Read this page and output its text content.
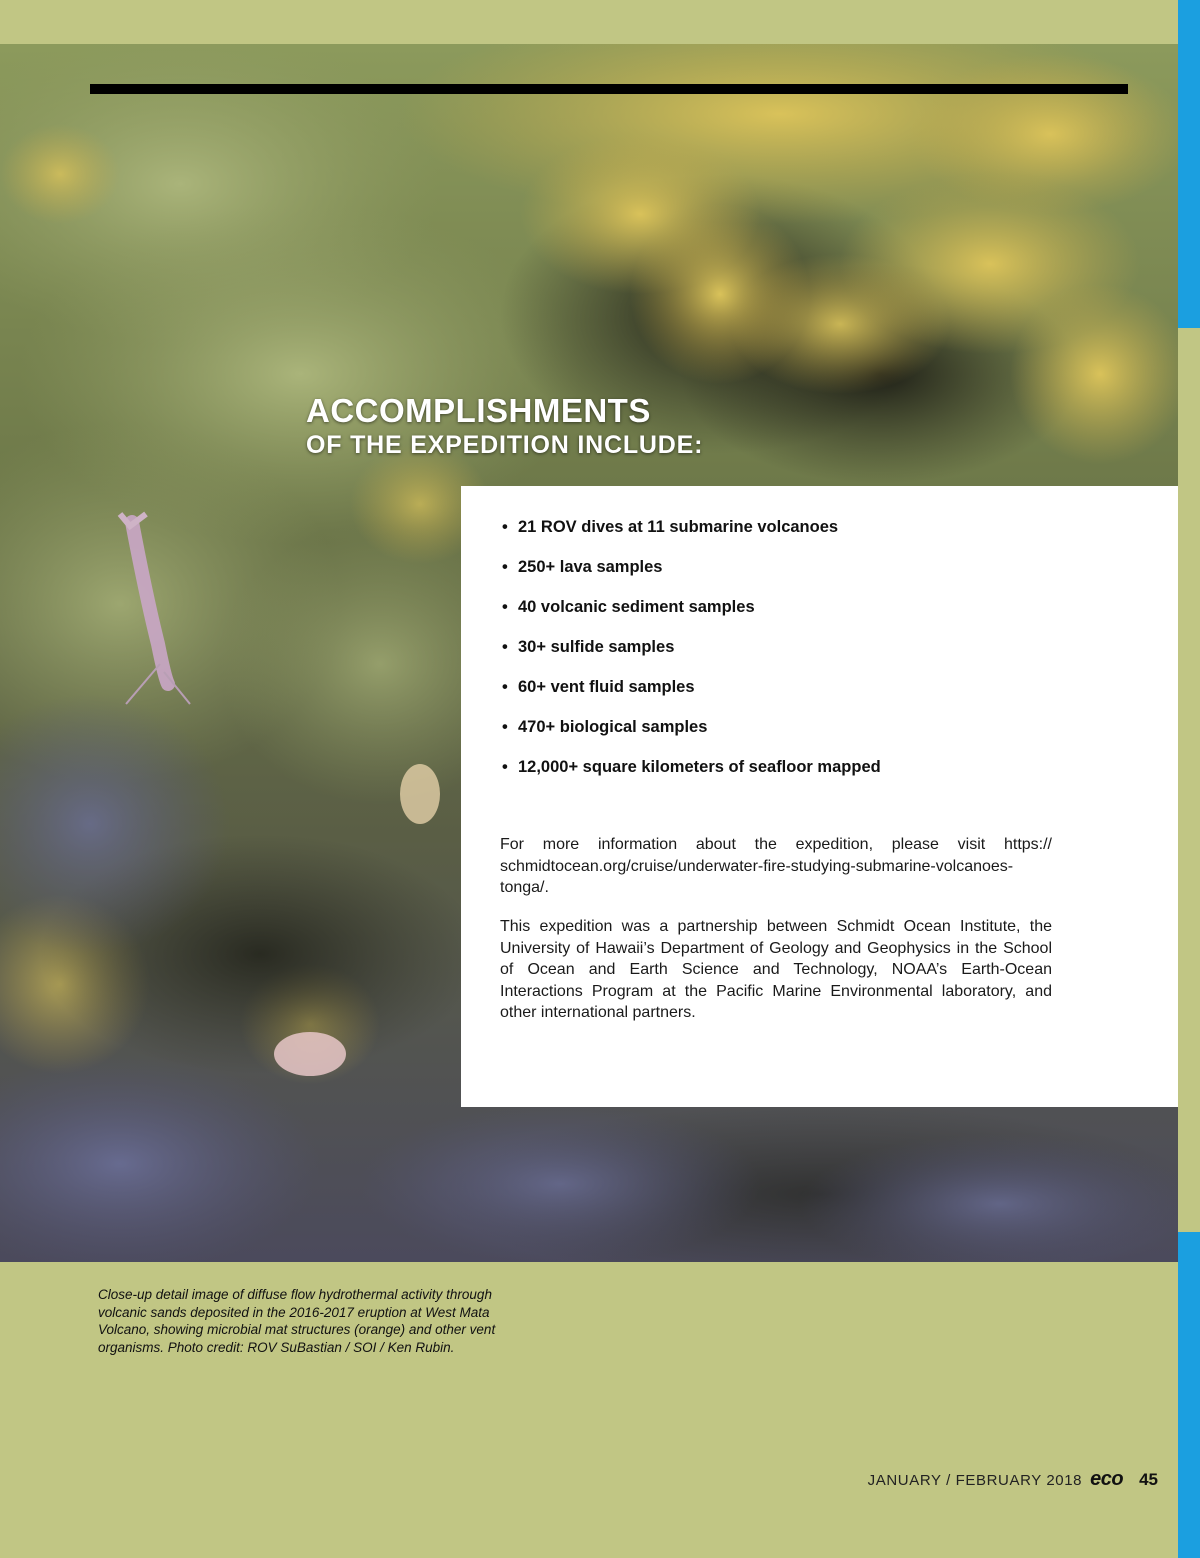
ACCOMPLISHMENTS
OF THE EXPEDITION INCLUDE:
• 21 ROV dives at 11 submarine volcanoes
• 250+ lava samples
• 40 volcanic sediment samples
• 30+ sulfide samples
• 60+ vent fluid samples
• 470+ biological samples
• 12,000+ square kilometers of seafloor mapped

For more information about the expedition, please visit https:// schmidtocean.org/cruise/underwater-fire-studying-submarine-volcanoes-tonga/.

This expedition was a partnership between Schmidt Ocean Institute, the University of Hawaii’s Department of Geology and Geophysics in the School of Ocean and Earth Science and Technology, NOAA’s Earth-Ocean Interactions Program at the Pacific Marine Environmental laboratory, and other international partners.

Close-up detail image of diffuse flow hydrothermal activity through volcanic sands deposited in the 2016-2017 eruption at West Mata Volcano, showing microbial mat structures (orange) and other vent organisms. Photo credit: ROV SuBastian / SOI / Ken Rubin.
JANUARY / FEBRUARY 2018 eco 45
